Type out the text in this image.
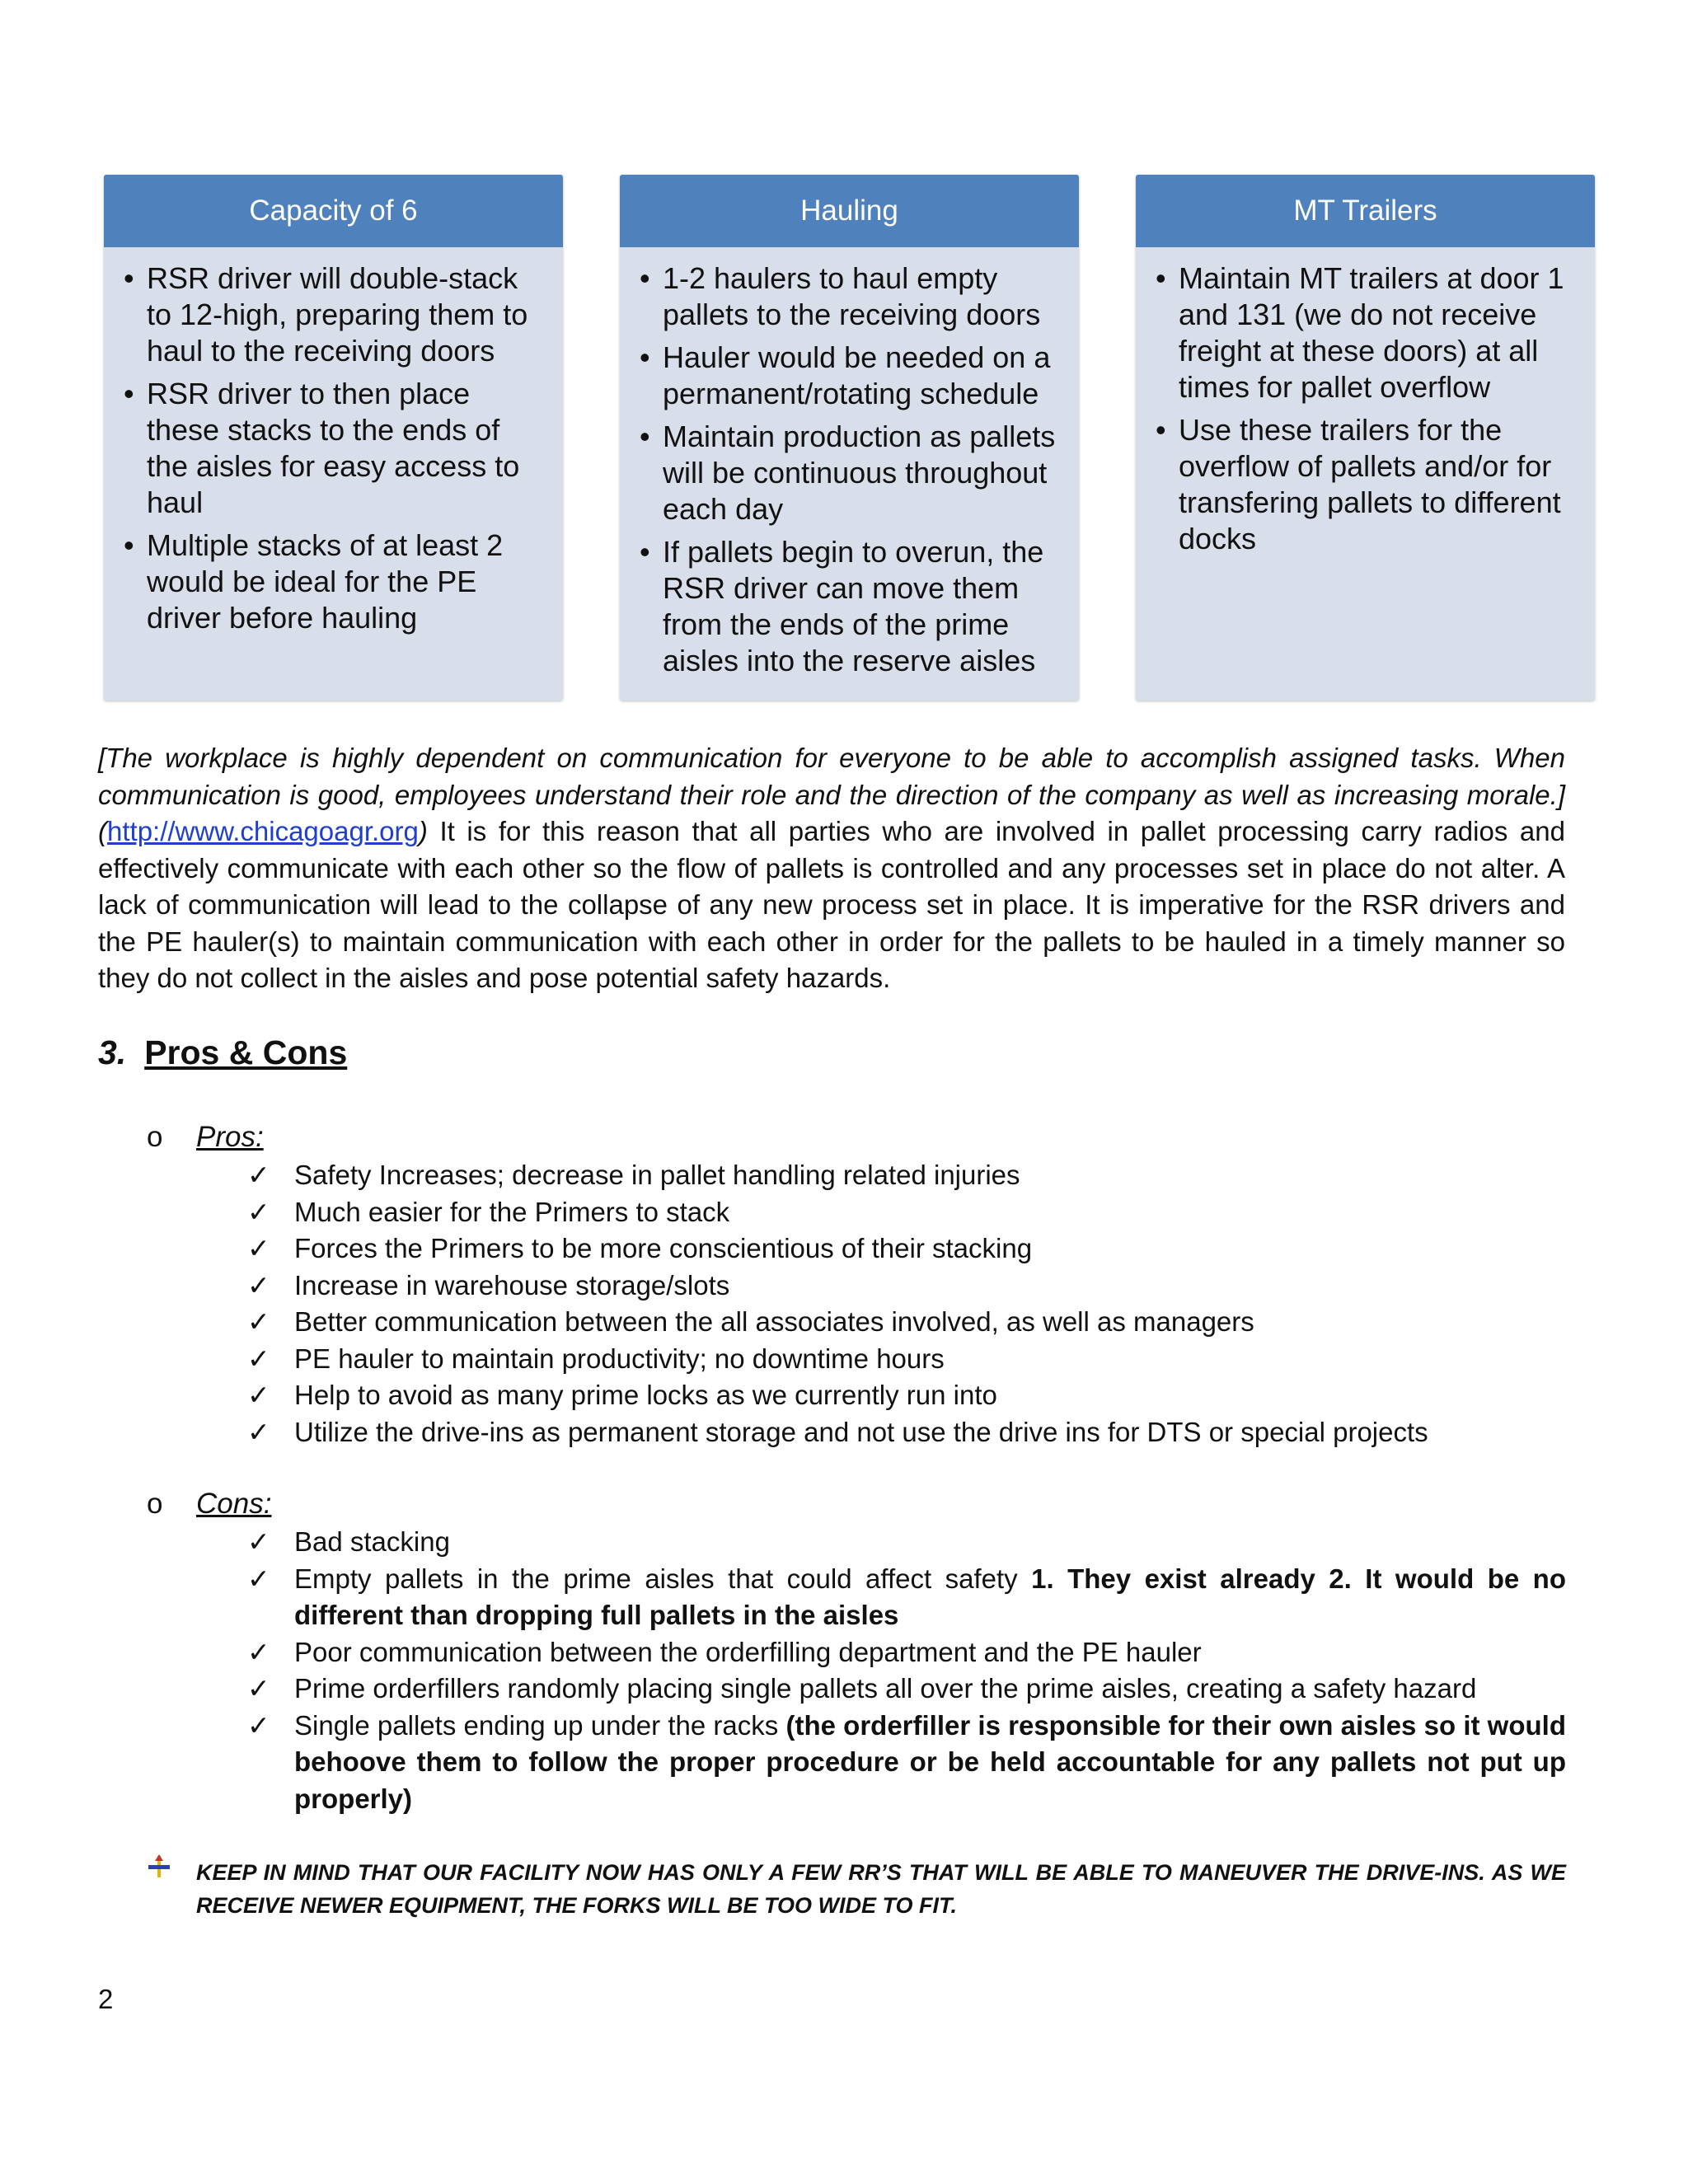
Capacity of 6
• RSR driver will double-stack to 12-high, preparing them to haul to the receiving doors
• RSR driver to then place these stacks to the ends of the aisles for easy access to haul
• Multiple stacks of at least 2 would be ideal for the PE driver before hauling
Hauling
• 1-2 haulers to haul empty pallets to the receiving doors
• Hauler would be needed on a permanent/rotating schedule
• Maintain production as pallets will be continuous throughout each day
• If pallets begin to overun, the RSR driver can move them from the ends of the prime aisles into the reserve aisles
MT Trailers
• Maintain MT trailers at door 1 and 131 (we do not receive freight at these doors) at all times for pallet overflow
• Use these trailers for the overflow of pallets and/or for transfering pallets to different docks
[The workplace is highly dependent on communication for everyone to be able to accomplish assigned tasks. When communication is good, employees understand their role and the direction of the company as well as increasing morale.] (http://www.chicagoagr.org) It is for this reason that all parties who are involved in pallet processing carry radios and effectively communicate with each other so the flow of pallets is controlled and any processes set in place do not alter. A lack of communication will lead to the collapse of any new process set in place. It is imperative for the RSR drivers and the PE hauler(s) to maintain communication with each other in order for the pallets to be hauled in a timely manner so they do not collect in the aisles and pose potential safety hazards.
3. Pros & Cons
o Pros:
✓ Safety Increases; decrease in pallet handling related injuries
✓ Much easier for the Primers to stack
✓ Forces the Primers to be more conscientious of their stacking
✓ Increase in warehouse storage/slots
✓ Better communication between the all associates involved, as well as managers
✓ PE hauler to maintain productivity; no downtime hours
✓ Help to avoid as many prime locks as we currently run into
✓ Utilize the drive-ins as permanent storage and not use the drive ins for DTS or special projects
o Cons:
✓ Bad stacking
✓ Empty pallets in the prime aisles that could affect safety 1. They exist already 2. It would be no different than dropping full pallets in the aisles
✓ Poor communication between the orderfilling department and the PE hauler
✓ Prime orderfillers randomly placing single pallets all over the prime aisles, creating a safety hazard
✓ Single pallets ending up under the racks (the orderfiller is responsible for their own aisles so it would behoove them to follow the proper procedure or be held accountable for any pallets not put up properly)
KEEP IN MIND THAT OUR FACILITY NOW HAS ONLY A FEW RR’S THAT WILL BE ABLE TO MANEUVER THE DRIVE-INS. AS WE RECEIVE NEWER EQUIPMENT, THE FORKS WILL BE TOO WIDE TO FIT.
2
